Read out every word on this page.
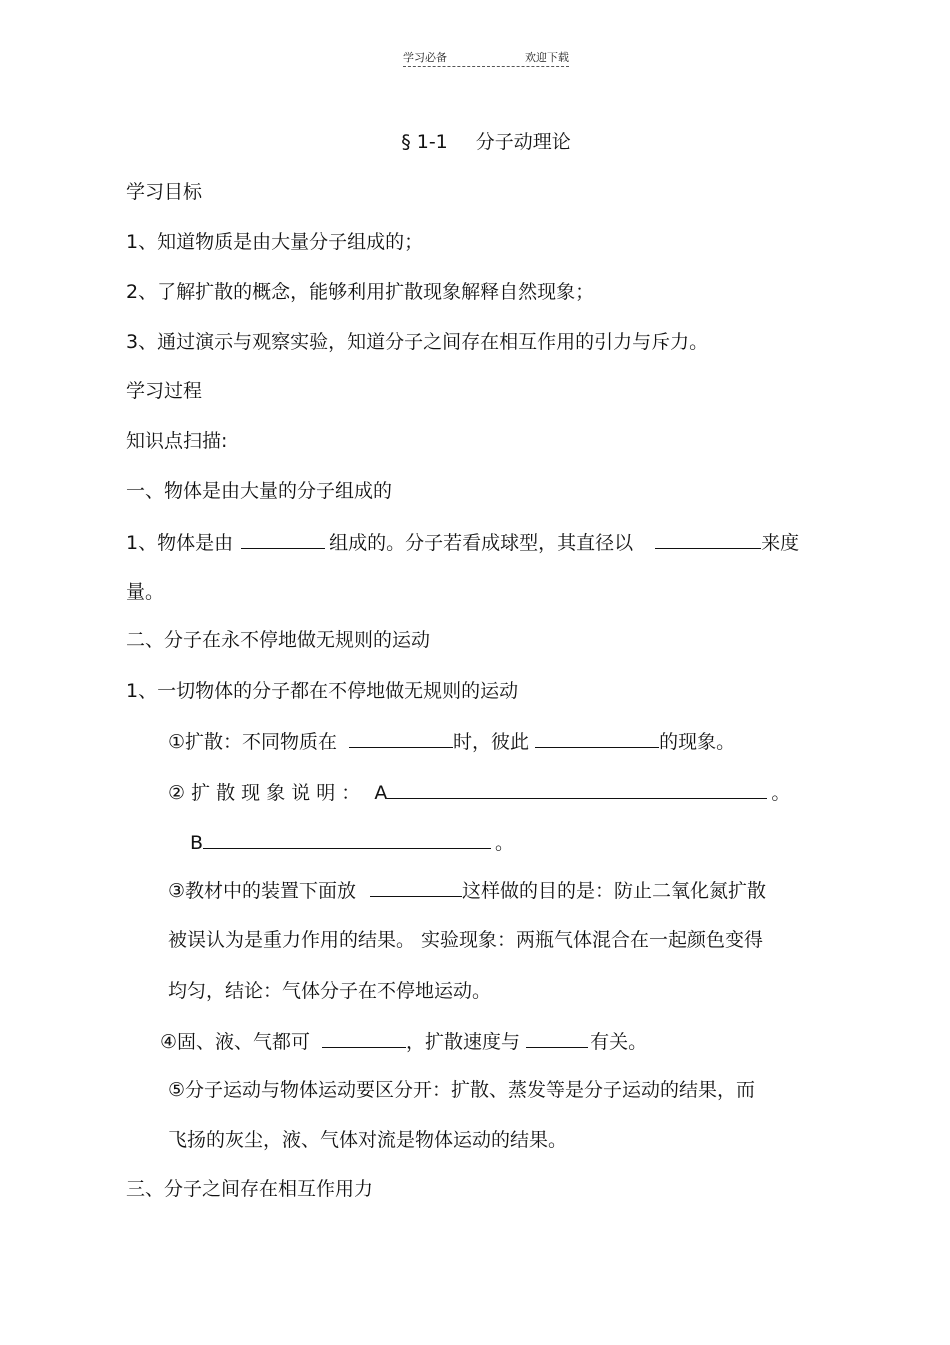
学习必备	欢迎下载
§ 1-1 分子动理论
学习目标
1、知道物质是由大量分子组成的；
2、了解扩散的概念，能够利用扩散现象解释自然现象；
3、通过演示与观察实验，知道分子之间存在相互作用的引力与斥力。
学习过程
知识点扫描:
一、物体是由大量的分子组成的
1、物体是由	组成的。分子若看成球型，其直径以	来度
量。
二、分子在永不停地做无规则的运动
1、一切物体的分子都在不停地做无规则的运动
①扩散：不同物质在	时，彼此	的现象。
② 扩 散 现 象 说 明 ： A	。
B	。
③教材中的装置下面放	这样做的目的是：防止二氧化氮扩散
被误认为是重力作用的结果。 实验现象：两瓶气体混合在一起颜色变得
均匀，结论：气体分子在不停地运动。
④固、液、气都可	，扩散速度与	有关。
⑤分子运动与物体运动要区分开：扩散、蒸发等是分子运动的结果，而
飞扬的灰尘，液、气体对流是物体运动的结果。
三、分子之间存在相互作用力
